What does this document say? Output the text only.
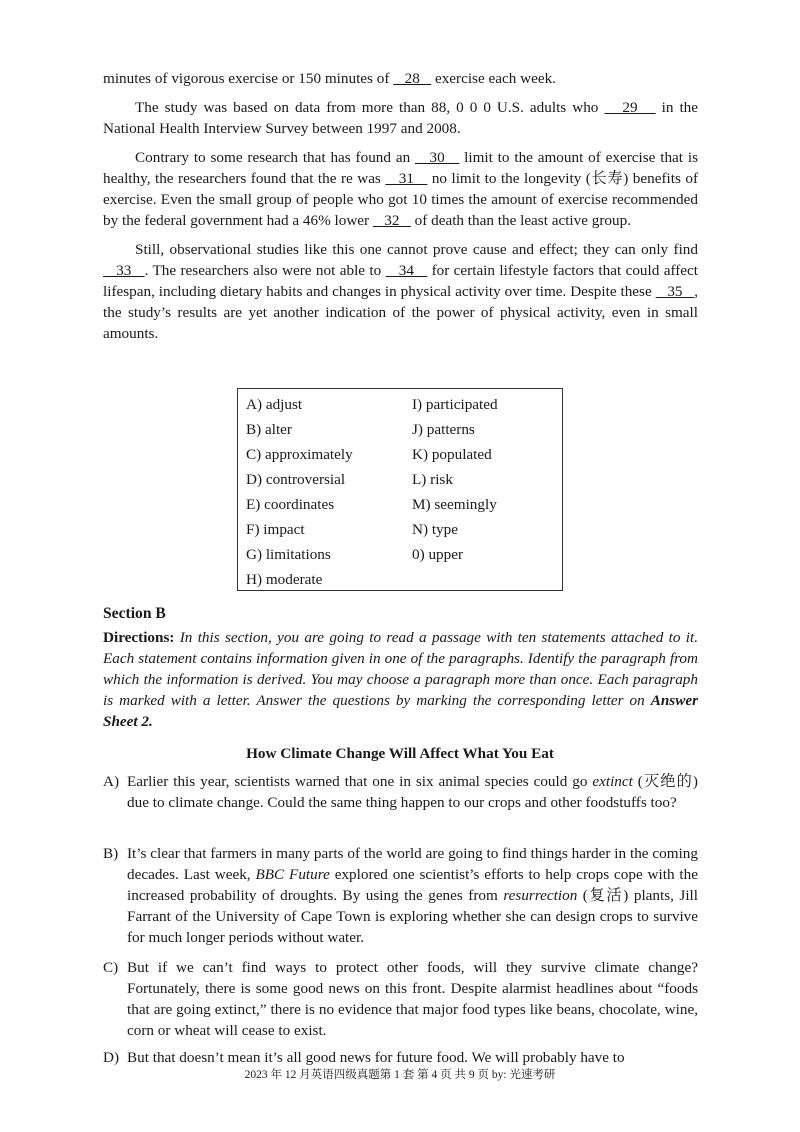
minutes of vigorous exercise or 150 minutes of    28    exercise each week.

The study was based on data from more than 88, 0 0 0 U.S. adults who    29    in the National Health Interview Survey between 1997 and 2008.

Contrary to some research that has found an    30    limit to the amount of exercise that is healthy, the researchers found that the re was    31    no limit to the longevity (长寿) benefits of exercise. Even the small group of people who got 10 times the amount of exercise recommended by the federal government had a 46% lower    32    of death than the least active group.

Still, observational studies like this one cannot prove cause and effect; they can only find    33   . The researchers also were not able to    34    for certain lifestyle factors that could affect lifespan, including dietary habits and changes in physical activity over time. Despite these    35   , the study’s results are yet another indication of the power of physical activity, even in small amounts.

A) adjust
B) alter
C) approximately
D) controversial
E) coordinates
F) impact
G) limitations
H) moderate
I) participated
J) patterns
K) populated
L) risk
M) seemingly
N) type
0) upper
Section B

Directions: In this section, you are going to read a passage with ten statements attached to it. Each statement contains information given in one of the paragraphs. Identify the paragraph from which the information is derived. You may choose a paragraph more than once. Each paragraph is marked with a letter. Answer the questions by marking the corresponding letter on Answer Sheet 2.

How Climate Change Will Affect What You Eat
A) Earlier this year, scientists warned that one in six animal species could go extinct (灭绝的) due to climate change. Could the same thing happen to our crops and other foodstuffs too?

B) It’s clear that farmers in many parts of the world are going to find things harder in the coming decades. Last week, BBC Future explored one scientist’s efforts to help crops cope with the increased probability of droughts. By using the genes from resurrection (复活) plants, Jill Farrant of the University of Cape Town is exploring whether she can design crops to survive for much longer periods without water.

C) But if we can’t find ways to protect other foods, will they survive climate change? Fortunately, there is some good news on this front. Despite alarmist headlines about “foods that are going extinct,” there is no evidence that major food types like beans, chocolate, wine, corn or wheat will cease to exist.

D) But that doesn’t mean it’s all good news for future food. We will probably have to

2023 年 12 月英语四级真题第 1 套 第 4 页 共 9 页 by: 光速考研
